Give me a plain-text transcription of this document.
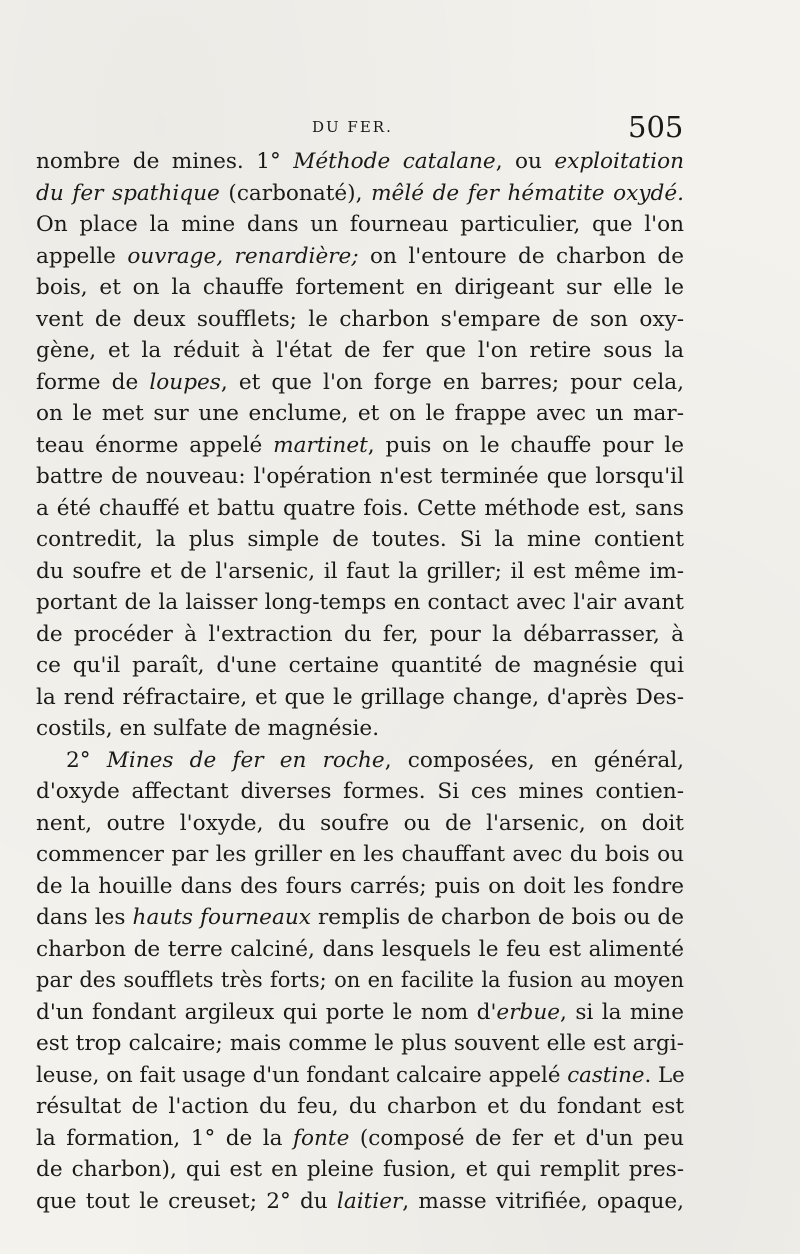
DU FER.	505
nombre de mines. 1° Méthode catalane, ou exploitation
du fer spathique (carbonaté), mêlé de fer hématite oxydé.
On place la mine dans un fourneau particulier, que l'on
appelle ouvrage, renardière; on l'entoure de charbon de
bois, et on la chauffe fortement en dirigeant sur elle le
vent de deux soufflets; le charbon s'empare de son oxy-
gène, et la réduit à l'état de fer que l'on retire sous la
forme de loupes, et que l'on forge en barres; pour cela,
on le met sur une enclume, et on le frappe avec un mar-
teau énorme appelé martinet, puis on le chauffe pour le
battre de nouveau: l'opération n'est terminée que lorsqu'il
a été chauffé et battu quatre fois. Cette méthode est, sans
contredit, la plus simple de toutes. Si la mine contient
du soufre et de l'arsenic, il faut la griller; il est même im-
portant de la laisser long-temps en contact avec l'air avant
de procéder à l'extraction du fer, pour la débarrasser, à
ce qu'il paraît, d'une certaine quantité de magnésie qui
la rend réfractaire, et que le grillage change, d'après Des-
costils, en sulfate de magnésie.
2° Mines de fer en roche, composées, en général,
d'oxyde affectant diverses formes. Si ces mines contien-
nent, outre l'oxyde, du soufre ou de l'arsenic, on doit
commencer par les griller en les chauffant avec du bois ou
de la houille dans des fours carrés; puis on doit les fondre
dans les hauts fourneaux remplis de charbon de bois ou de
charbon de terre calciné, dans lesquels le feu est alimenté
par des soufflets très forts; on en facilite la fusion au moyen
d'un fondant argileux qui porte le nom d'erbue, si la mine
est trop calcaire; mais comme le plus souvent elle est argi-
leuse, on fait usage d'un fondant calcaire appelé castine. Le
résultat de l'action du feu, du charbon et du fondant est
la formation, 1° de la fonte (composé de fer et d'un peu
de charbon), qui est en pleine fusion, et qui remplit pres-
que tout le creuset; 2° du laitier, masse vitrifiée, opaque,
